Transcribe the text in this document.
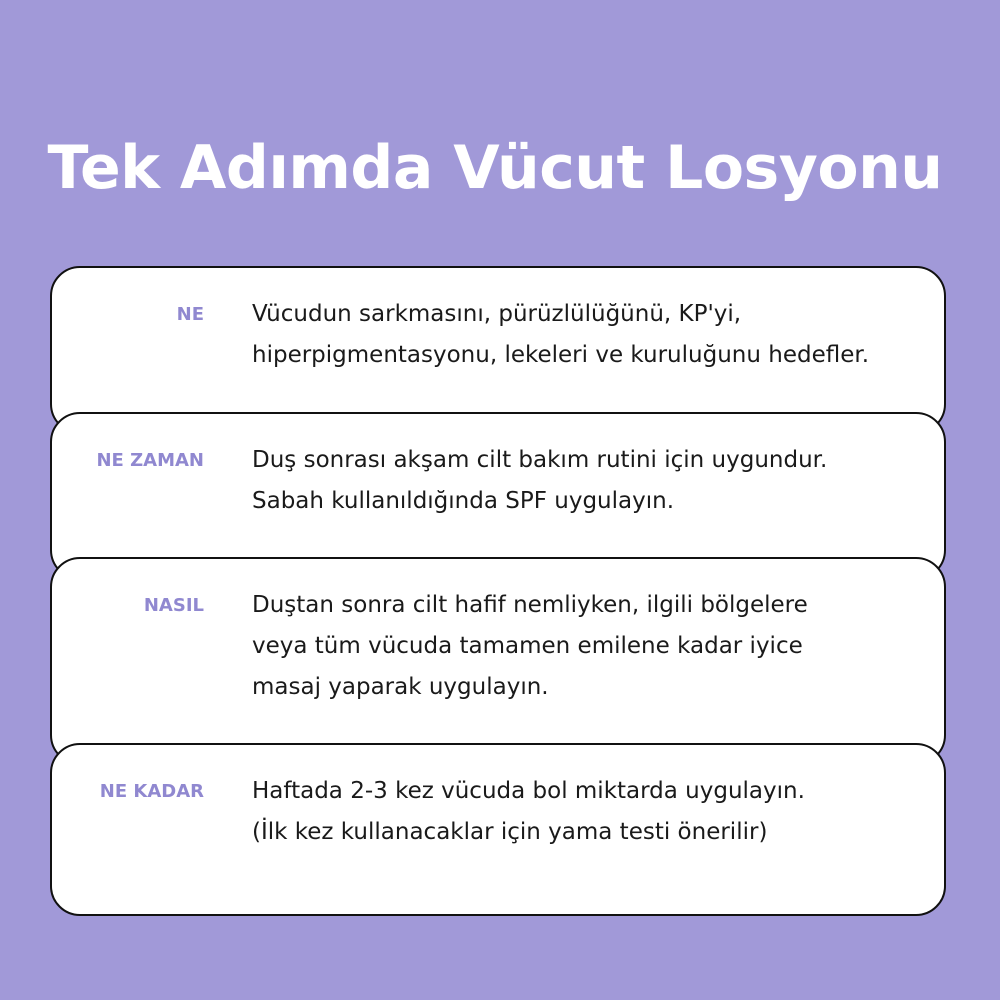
Tek Adımda Vücut Losyonu
NE Vücudun sarkmasını, pürüzlülüğünü, KP'yi,
hiperpigmentasyonu, lekeleri ve kuruluğunu hedefler.
NE ZAMAN Duş sonrası akşam cilt bakım rutini için uygundur.
Sabah kullanıldığında SPF uygulayın.
NASIL Duştan sonra cilt hafif nemliyken, ilgili bölgelere
veya tüm vücuda tamamen emilene kadar iyice
masaj yaparak uygulayın.
NE KADAR Haftada 2-3 kez vücuda bol miktarda uygulayın.
(İlk kez kullanacaklar için yama testi önerilir)
